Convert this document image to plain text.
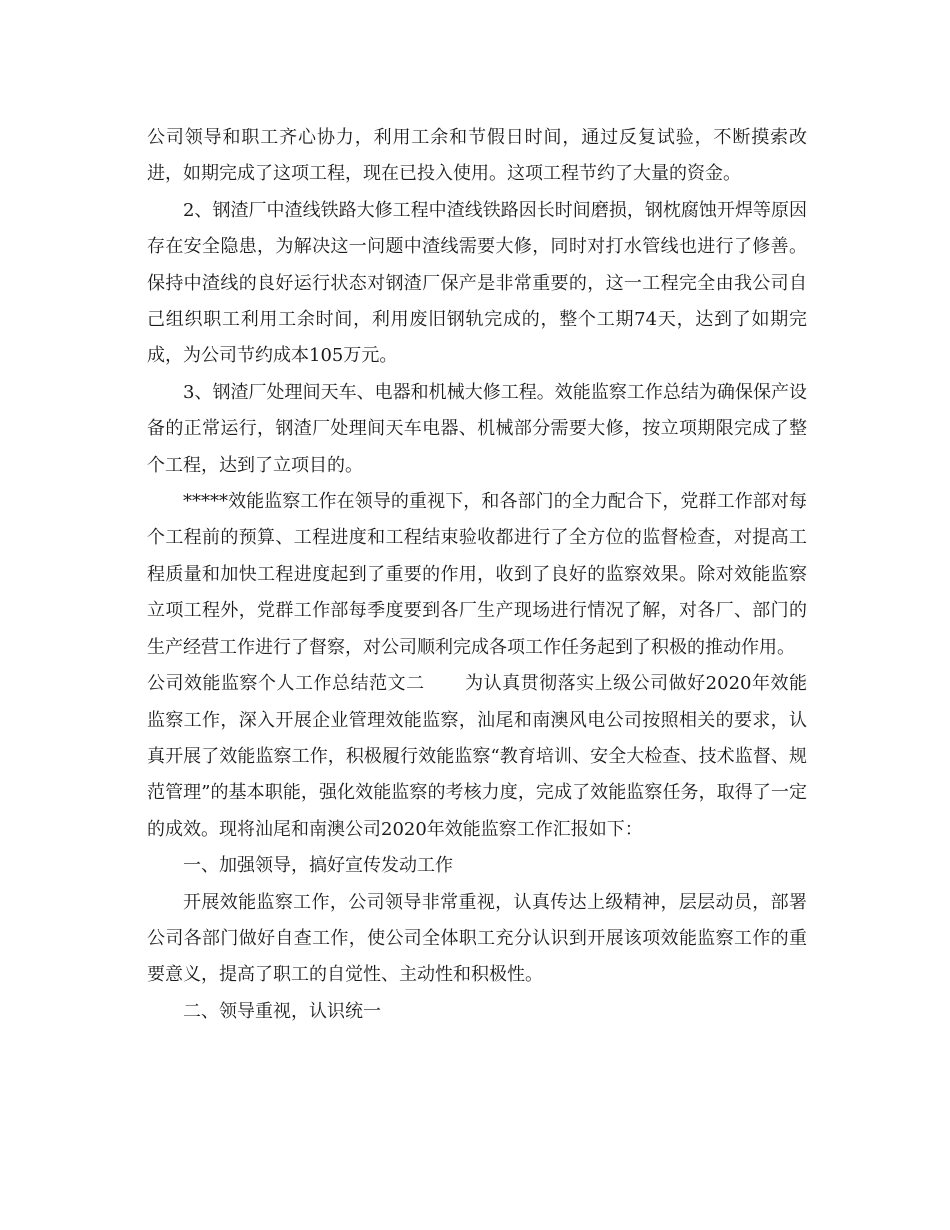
公司领导和职工齐心协力，利用工余和节假日时间，通过反复试验，不断摸索改进，如期完成了这项工程，现在已投入使用。这项工程节约了大量的资金。

2、钢渣厂中渣线铁路大修工程中渣线铁路因长时间磨损，钢枕腐蚀开焊等原因存在安全隐患，为解决这一问题中渣线需要大修，同时对打水管线也进行了修善。保持中渣线的良好运行状态对钢渣厂保产是非常重要的，这一工程完全由我公司自己组织职工利用工余时间，利用废旧钢轨完成的，整个工期74天，达到了如期完成，为公司节约成本105万元。

3、钢渣厂处理间天车、电器和机械大修工程。效能监察工作总结为确保保产设备的正常运行，钢渣厂处理间天车电器、机械部分需要大修，按立项期限完成了整个工程，达到了立项目的。

*****效能监察工作在领导的重视下，和各部门的全力配合下，党群工作部对每个工程前的预算、工程进度和工程结束验收都进行了全方位的监督检查，对提高工程质量和加快工程进度起到了重要的作用，收到了良好的监察效果。除对效能监察立项工程外，党群工作部每季度要到各厂生产现场进行情况了解，对各厂、部门的生产经营工作进行了督察，对公司顺利完成各项工作任务起到了积极的推动作用。

公司效能监察个人工作总结范文二 为认真贯彻落实上级公司做好2020年效能监察工作，深入开展企业管理效能监察，汕尾和南澳风电公司按照相关的要求，认真开展了效能监察工作，积极履行效能监察“教育培训、安全大检查、技术监督、规范管理”的基本职能，强化效能监察的考核力度，完成了效能监察任务，取得了一定的成效。现将汕尾和南澳公司2020年效能监察工作汇报如下：

一、加强领导，搞好宣传发动工作

开展效能监察工作，公司领导非常重视，认真传达上级精神，层层动员，部署公司各部门做好自查工作，使公司全体职工充分认识到开展该项效能监察工作的重要意义，提高了职工的自觉性、主动性和积极性。

二、领导重视，认识统一
